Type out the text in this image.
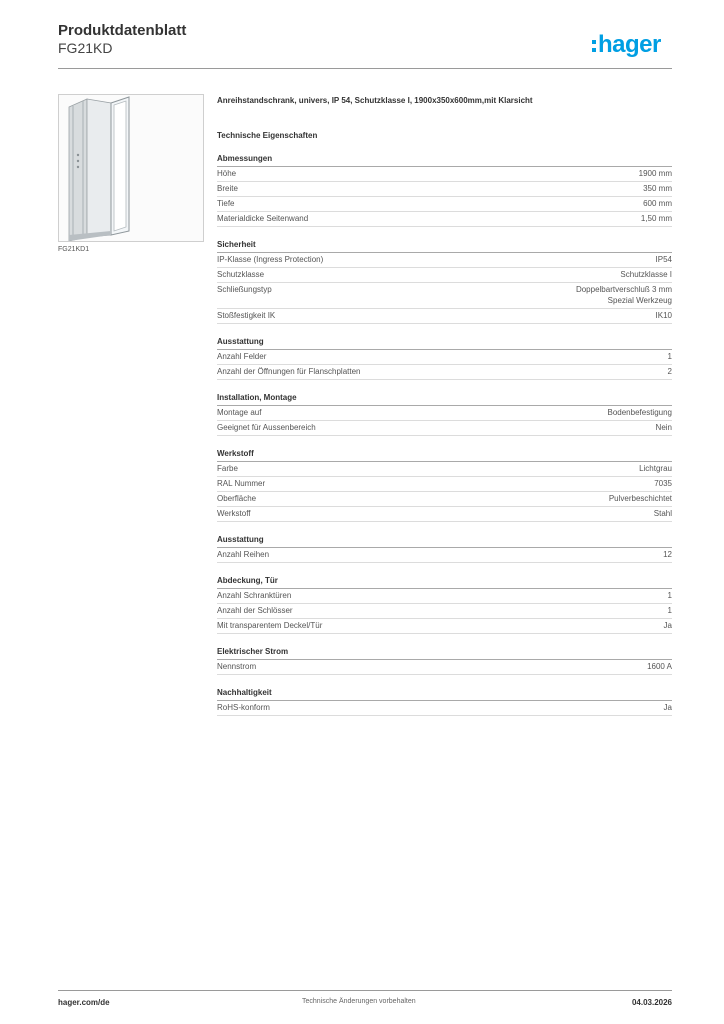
Produktdatenblatt
FG21KD	hager
FG21KD1
Anreihstandschrank, univers, IP 54, Schutzklasse I, 1900x350x600mm,mit Klarsicht
Technische Eigenschaften
Abmessungen
Höhe	1900 mm
Breite	350 mm
Tiefe	600 mm
Materialdicke Seitenwand	1,50 mm
Sicherheit
IP-Klasse (Ingress Protection)	IP54
Schutzklasse	Schutzklasse I
Schließungstyp	Doppelbartverschluß 3 mm
Spezial Werkzeug
Stoßfestigkeit IK	IK10
Ausstattung
Anzahl Felder	1
Anzahl der Öffnungen für Flanschplatten	2
Installation, Montage
Montage auf	Bodenbefestigung
Geeignet für Aussenbereich	Nein
Werkstoff
Farbe	Lichtgrau
RAL Nummer	7035
Oberfläche	Pulverbeschichtet
Werkstoff	Stahl
Ausstattung
Anzahl Reihen	12
Abdeckung, Tür
Anzahl Schranktüren	1
Anzahl der Schlösser	1
Mit transparentem Deckel/Tür	Ja
Elektrischer Strom
Nennstrom	1600 A
Nachhaltigkeit
RoHS-konform	Ja
hager.com/de	Technische Änderungen vorbehalten	04.03.2026
